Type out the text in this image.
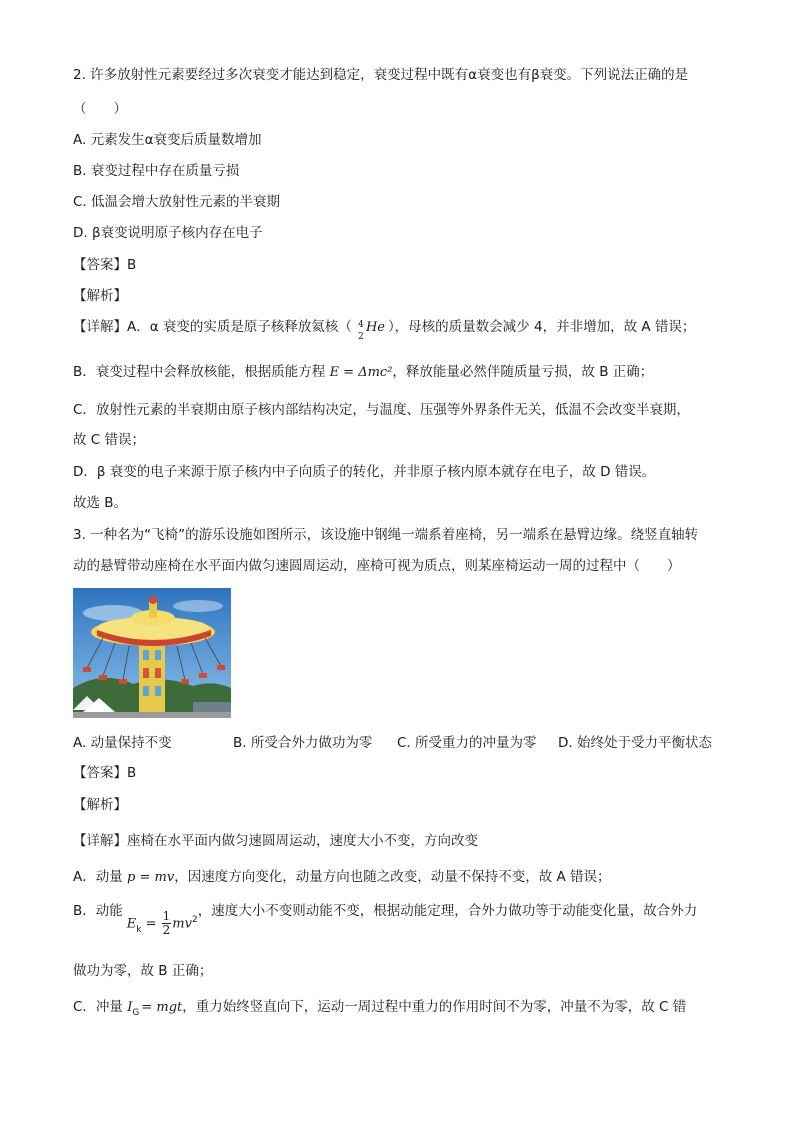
2. 许多放射性元素要经过多次衰变才能达到稳定，衰变过程中既有α衰变也有β衰变。下列说法正确的是
（　　）
A. 元素发生α衰变后质量数增加
B. 衰变过程中存在质量亏损
C. 低温会增大放射性元素的半衰期
D. β衰变说明原子核内存在电子
【答案】B
【解析】
【详解】A．α 衰变的实质是原子核释放氦核（ 4
2
He ），母核的质量数会减少 4，并非增加，故 A 错误；
B．衰变过程中会释放核能，根据质能方程 E = Δmc²，释放能量必然伴随质量亏损，故 B 正确；
C．放射性元素的半衰期由原子核内部结构决定，与温度、压强等外界条件无关，低温不会改变半衰期，
故 C 错误；
D．β 衰变的电子来源于原子核内中子向质子的转化，并非原子核内原本就存在电子，故 D 错误。
故选 B。
3. 一种名为“飞椅”的游乐设施如图所示，该设施中钢绳一端系着座椅，另一端系在悬臂边缘。绕竖直轴转
动的悬臂带动座椅在水平面内做匀速圆周运动，座椅可视为质点，则某座椅运动一周的过程中（　　）
A. 动量保持不变	B. 所受合外力做功为零 C. 所受重力的冲量为零 D. 始终处于受力平衡状态
【答案】B
【解析】
【详解】座椅在水平面内做匀速圆周运动，速度大小不变，方向改变
A．动量 p = mv，因速度方向变化，动量方向也随之改变，动量不保持不变，故 A 错误；
B．动能$E_k = \frac{1}{2} mv^2$，速度大小不变则动能不变，根据动能定理，合外力做功等于动能变化量，故合外力
做功为零，故 B 正确；
C．冲量 $I_G$ = mgt，重力始终竖直向下，运动一周过程中重力的作用时间不为零，冲量不为零，故 C 错
